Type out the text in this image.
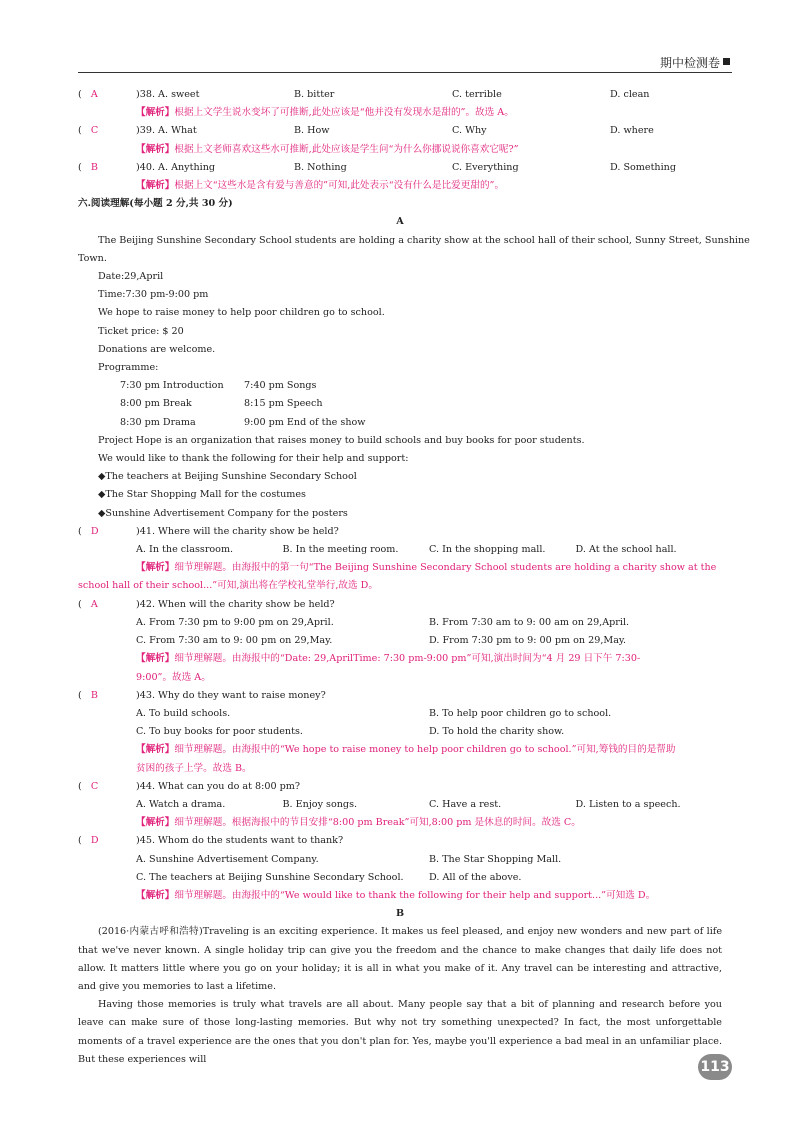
期中检测卷
(   A	)38. A. sweet	B. bitter	C. terrible	D. clean
【解析】根据上文学生说水变坏了可推断,此处应该是“他并没有发现水是甜的”。故选 A。
(   C	)39. A. What	B. How	C. Why	D. where
【解析】根据上文老师喜欢这些水可推断,此处应该是学生问“为什么你挪说说你喜欢它呢?”
(   B	)40. A. Anything	B. Nothing	C. Everything	D. Something
【解析】根据上文“这些水是含有爱与善意的”可知,此处表示“没有什么是比爱更甜的”。
六.阅读理解(每小题 2 分,共 30 分)
A
The Beijing Sunshine Secondary School students are holding a charity show at the school hall of their school, Sunny Street, Sunshine
Town.
Date:29,April
Time:7:30 pm-9:00 pm
We hope to raise money to help poor children go to school.
Ticket price: $ 20
Donations are welcome.
Programme:
7:30 pm Introduction	7:40 pm Songs
8:00 pm Break	8:15 pm Speech
8:30 pm Drama	9:00 pm End of the show
Project Hope is an organization that raises money to build schools and buy books for poor students.
We would like to thank the following for their help and support:
◆The teachers at Beijing Sunshine Secondary School
◆The Star Shopping Mall for the costumes
◆Sunshine Advertisement Company for the posters
(   D	)41. Where will the charity show be held?
A. In the classroom.	B. In the meeting room.	C. In the shopping mall.	D. At the school hall.
【解析】细节理解题。由海报中的第一句“The Beijing Sunshine Secondary School students are holding a charity show at the
school hall of their school...”可知,演出将在学校礼堂举行,故选 D。
(   A	)42. When will the charity show be held?
A. From 7:30 pm to 9:00 pm on 29,April.	B. From 7:30 am to 9: 00 am on 29,April.
C. From 7:30 am to 9: 00 pm on 29,May.	D. From 7:30 pm to 9: 00 pm on 29,May.
【解析】细节理解题。由海报中的“Date: 29,AprilTime: 7:30 pm-9:00 pm”可知,演出时间为“4 月 29 日下午 7:30-
9:00”。故选 A。
(   B	)43. Why do they want to raise money?
A. To build schools.	B. To help poor children go to school.
C. To buy books for poor students.	D. To hold the charity show.
【解析】细节理解题。由海报中的“We hope to raise money to help poor children go to school.”可知,筹钱的目的是帮助
贫困的孩子上学。故选 B。
(   C	)44. What can you do at 8:00 pm?
A. Watch a drama.	B. Enjoy songs.	C. Have a rest.	D. Listen to a speech.
【解析】细节理解题。根据海报中的节目安排“8:00 pm Break”可知,8:00 pm 是休息的时间。故选 C。
(   D	)45. Whom do the students want to thank?
A. Sunshine Advertisement Company.	B. The Star Shopping Mall.
C. The teachers at Beijing Sunshine Secondary School.	D. All of the above.
【解析】细节理解题。由海报中的“We would like to thank the following for their help and support...”可知选 D。
B
(2016·内蒙古呼和浩特)Traveling is an exciting experience. It makes us feel pleased, and enjoy new wonders and new part of life that we've never known. A single holiday trip can give you the freedom and the chance to make changes that daily life does not allow. It matters little where you go on your holiday; it is all in what you make of it. Any travel can be interesting and attractive, and give you memories to last a lifetime.
Having those memories is truly what travels are all about. Many people say that a bit of planning and research before you leave can make sure of those long-lasting memories. But why not try something unexpected? In fact, the most unforgettable moments of a travel experience are the ones that you don't plan for. Yes, maybe you'll experience a bad meal in an unfamiliar place. But these experiences will	113
